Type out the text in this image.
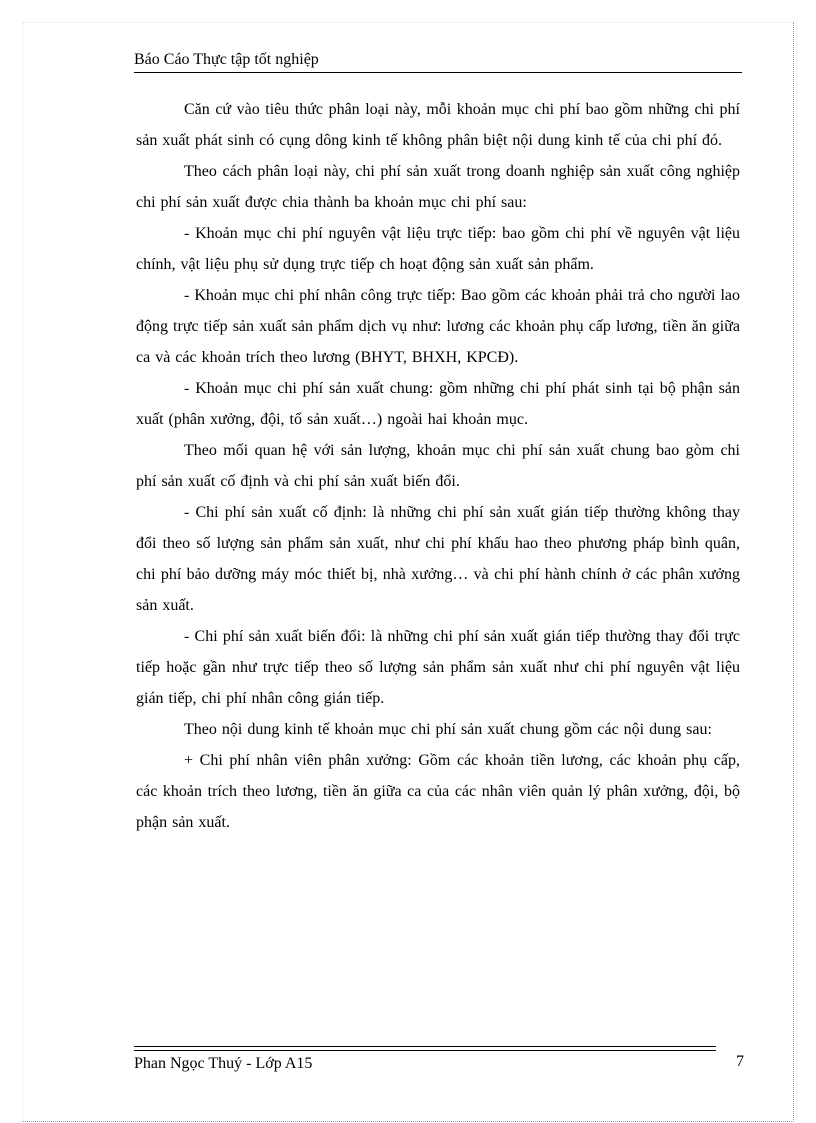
Báo Cáo Thực tập tốt nghiệp

Căn cứ vào tiêu thức phân loại này, mỗi khoản mục chi phí bao gồm những chi phí sản xuất phát sinh có cụng dông kinh tế không phân biệt nội dung kinh tế của chi phí đó.

Theo cách phân loại này, chi phí sản xuất trong doanh nghiệp sản xuất công nghiệp chi phí sản xuất được chia thành ba khoản mục chi phí sau:

- Khoản mục chi phí nguyên vật liệu trực tiếp: bao gồm chi phí về nguyên vật liệu chính, vật liệu phụ sử dụng trực tiếp ch hoạt động sản xuất sản phẩm.

- Khoản mục chi phí nhân công trực tiếp: Bao gồm các khoản phải trả cho người lao động trực tiếp sản xuất sản phẩm dịch vụ như: lương các khoản phụ cấp lương, tiền ăn giữa ca và các khoản trích theo lương (BHYT, BHXH, KPCĐ).

- Khoản mục chi phí sản xuất chung: gồm những chi phí phát sinh tại bộ phận sản xuất (phân xưởng, đội, tổ sản xuất…) ngoài hai khoản mục.

Theo mối quan hệ với sản lượng, khoản mục chi phí sản xuất chung bao gòm chi phí sản xuất cố định và chi phí sản xuất biến đổi.

- Chi phí sản xuất cố định: là những chi phí sản xuất gián tiếp thường không thay đổi theo số lượng sản phẩm sản xuất, như chi phí khấu hao theo phương pháp bình quân, chi phí bảo dưỡng máy móc thiết bị, nhà xưởng… và chi phí hành chính ở các phân xưởng sản xuất.

- Chi phí sản xuất biến đổi: là những chi phí sản xuất gián tiếp thường thay đổi trực tiếp hoặc gần như trực tiếp theo số lượng sản phẩm sản xuất như chi phí nguyên vật liệu gián tiếp, chi phí nhân công gián tiếp.

Theo nội dung kinh tế khoản mục chi phí sản xuất chung gồm các nội dung sau:

+ Chi phí nhân viên phân xưởng: Gồm các khoản tiền lương, các khoản phụ cấp, các khoản trích theo lương, tiền ăn giữa ca của các nhân viên quản lý phân xưởng, đội, bộ phận sản xuất.

Phan Ngọc Thuý - Lớp A15	7
